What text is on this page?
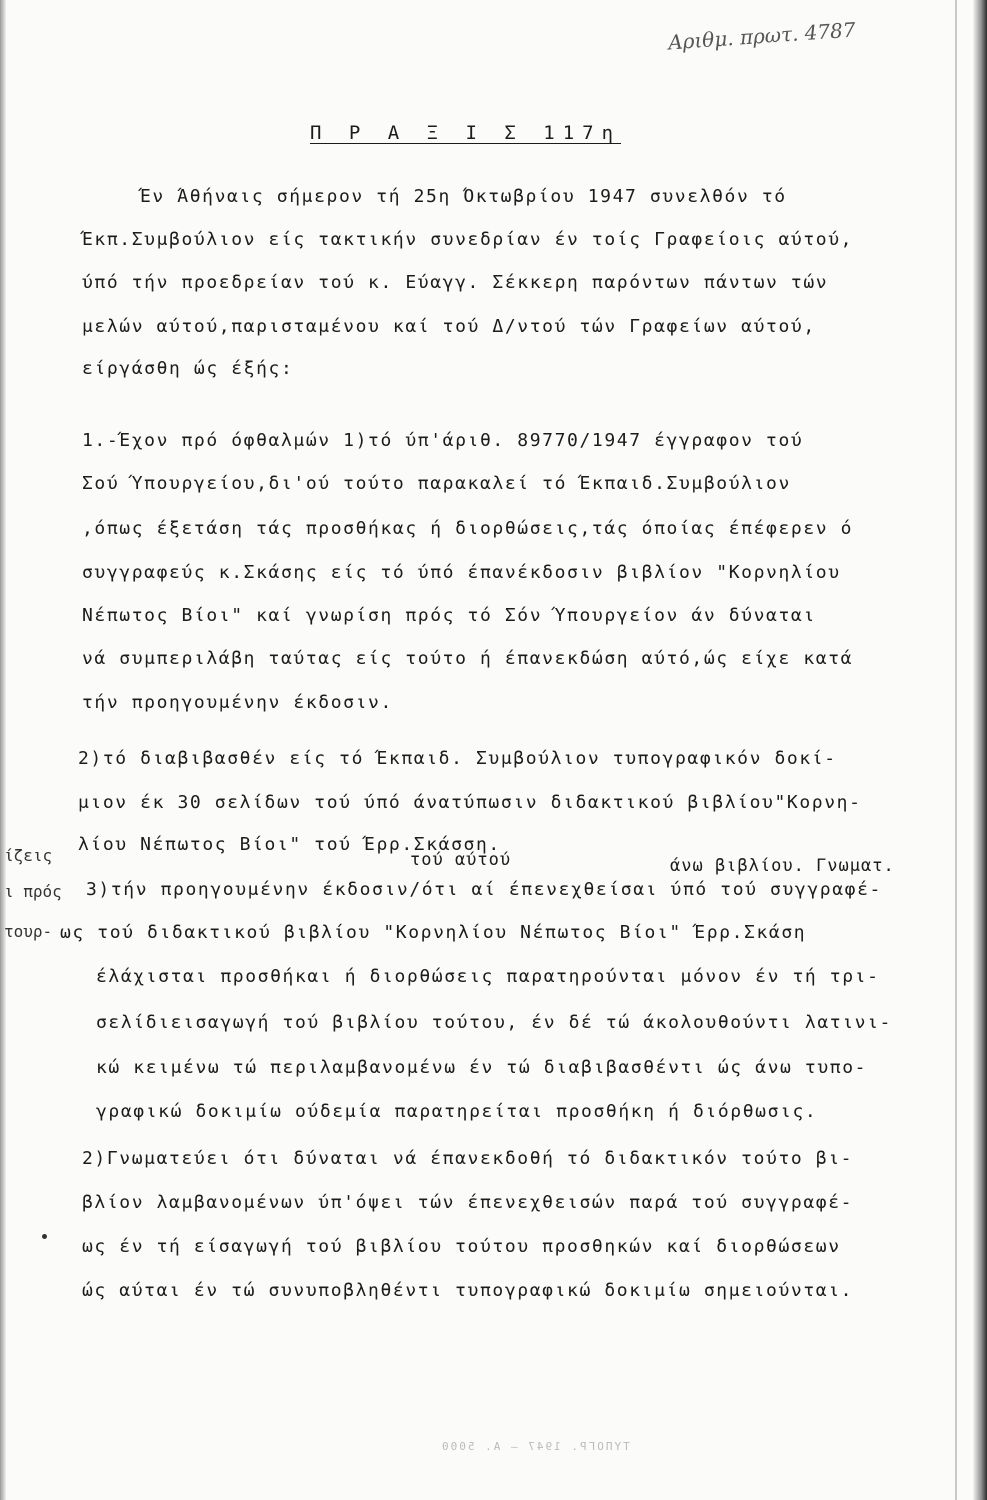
Αριθμ. πρωτ. 4787
Π Ρ Α Ξ Ι Σ 117η
Έν Άθήναις σήμερον τή 25η Όκτωβρίου 1947 συνελθόν τό
Έκπ.Συμβούλιον είς τακτικήν συνεδρίαν έν τοίς Γραφείοις αύτού,
ύπό τήν προεδρείαν τού κ. Εύαγγ. Σέκκερη παρόντων πάντων τών
μελών αύτού,παρισταμένου καί τού Δ/ντού τών Γραφείων αύτού,
είργάσθη ώς έξής:
1.-Έχον πρό όφθαλμών 1)τό ύπ'άριθ. 89770/1947 έγγραφον τού
Σού Ύπουργείου,δι'ού τούτο παρακαλεί τό Έκπαιδ.Συμβούλιον
,όπως έξετάση τάς προσθήκας ή διορθώσεις,τάς όποίας έπέφερεν ό
συγγραφεύς κ.Σκάσης είς τό ύπό έπανέκδοσιν βιβλίον "Κορνηλίου
Νέπωτος Βίοι" καί γνωρίση πρός τό Σόν Ύπουργείον άν δύναται
νά συμπεριλάβη ταύτας είς τούτο ή έπανεκδώση αύτό,ώς είχε κατά
τήν προηγουμένην έκδοσιν.
2)τό διαβιβασθέν είς τό Έκπαιδ. Συμβούλιον τυπογραφικόν δοκί-
μιον έκ 30 σελίδων τού ύπό άνατύπωσιν διδακτικού βιβλίου"Κορνη-
λίου Νέπωτος Βίοι" τού Έρρ.Σκάσση.
τού αύτού	άνω βιβλίου. Γνωματ.
ίζεις
ι πρός
τουρ-
3)τήν προηγουμένην έκδοσιν/ότι αί έπενεχθείσαι ύπό τού συγγραφέ-
ως τού διδακτικού βιβλίου "Κορνηλίου Νέπωτος Βίοι" Έρρ.Σκάση
έλάχισται προσθήκαι ή διορθώσεις παρατηρούνται μόνον έν τή τρι-
σελίδιεισαγωγή τού βιβλίου τούτου, έν δέ τώ άκολουθούντι λατινι-
κώ κειμένω τώ περιλαμβανομένω έν τώ διαβιβασθέντι ώς άνω τυπο-
γραφικώ δοκιμίω ούδεμία παρατηρείται προσθήκη ή διόρθωσις.
2)Γνωματεύει ότι δύναται νά έπανεκδοθή τό διδακτικόν τούτο βι-
βλίον λαμβανομένων ύπ'όψει τών έπενεχθεισών παρά τού συγγραφέ-
ως έν τή είσαγωγή τού βιβλίου τούτου προσθηκών καί διορθώσεων
ώς αύται έν τώ συνυποβληθέντι τυπογραφικώ δοκιμίω σημειούνται.
ΤΥΠΟΓΡ. 1947 — Α. 5000
